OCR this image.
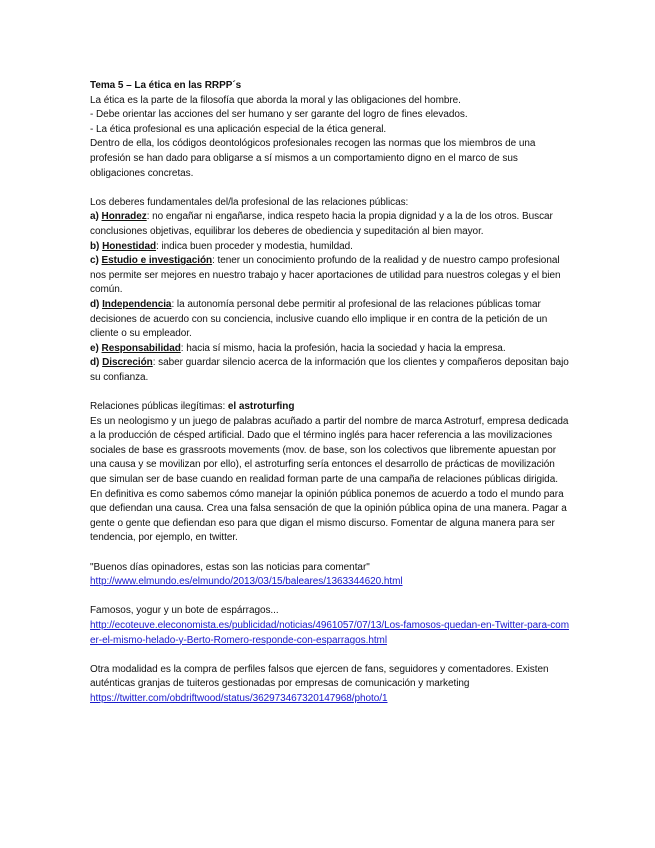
Tema 5 – La ética en las RRPP´s

La ética es la parte de la filosofía que aborda la moral y las obligaciones del hombre.

- Debe orientar las acciones del ser humano y ser garante del logro de fines elevados.

- La ética profesional es una aplicación especial de la ética general.

Dentro de ella, los códigos deontológicos profesionales recogen las normas que los miembros de una profesión se han dado para obligarse a sí mismos a un comportamiento digno en el marco de sus obligaciones concretas.

Los deberes fundamentales del/la profesional de las relaciones públicas:

a) Honradez: no engañar ni engañarse, indica respeto hacia la propia dignidad y a la de los otros. Buscar conclusiones objetivas, equilibrar los deberes de obediencia y supeditación al bien mayor.

b) Honestidad: indica buen proceder y modestia, humildad.

c) Estudio e investigación: tener un conocimiento profundo de la realidad y de nuestro campo profesional nos permite ser mejores en nuestro trabajo y hacer aportaciones de utilidad para nuestros colegas y el bien común.

d) Independencia: la autonomía personal debe permitir al profesional de las relaciones públicas tomar decisiones de acuerdo con su conciencia, inclusive cuando ello implique ir en contra de la petición de un cliente o su empleador.

e) Responsabilidad: hacia sí mismo, hacia la profesión, hacia la sociedad y hacia la empresa.

d) Discreción: saber guardar silencio acerca de la información que los clientes y compañeros depositan bajo su confianza.

Relaciones públicas ilegítimas: el astroturfing

Es un neologismo y un juego de palabras acuñado a partir del nombre de marca Astroturf, empresa dedicada a la producción de césped artificial. Dado que el término inglés para hacer referencia a las movilizaciones sociales de base es grassroots movements (mov. de base, son los colectivos que libremente apuestan por una causa y se movilizan por ello), el astroturfing sería entonces el desarrollo de prácticas de movilización que simulan ser de base cuando en realidad forman parte de una campaña de relaciones públicas dirigida. En definitiva es como sabemos cómo manejar la opinión pública ponemos de acuerdo a todo el mundo para que defiendan una causa. Crea una falsa sensación de que la opinión pública opina de una manera. Pagar a gente o gente que defiendan eso para que digan el mismo discurso. Fomentar de alguna manera para ser tendencia, por ejemplo, en twitter.

"Buenos días opinadores, estas son las noticias para comentar"

http://www.elmundo.es/elmundo/2013/03/15/baleares/1363344620.html

Famosos, yogur y un bote de espárragos...

http://ecoteuve.eleconomista.es/publicidad/noticias/4961057/07/13/Los-famosos-quedan-en-Twitter-para-comer-el-mismo-helado-y-Berto-Romero-responde-con-esparragos.html

Otra modalidad es la compra de perfiles falsos que ejercen de fans, seguidores y comentadores. Existen auténticas granjas de tuiteros gestionadas por empresas de comunicación y marketing

https://twitter.com/obdriftwood/status/362973467320147968/photo/1
